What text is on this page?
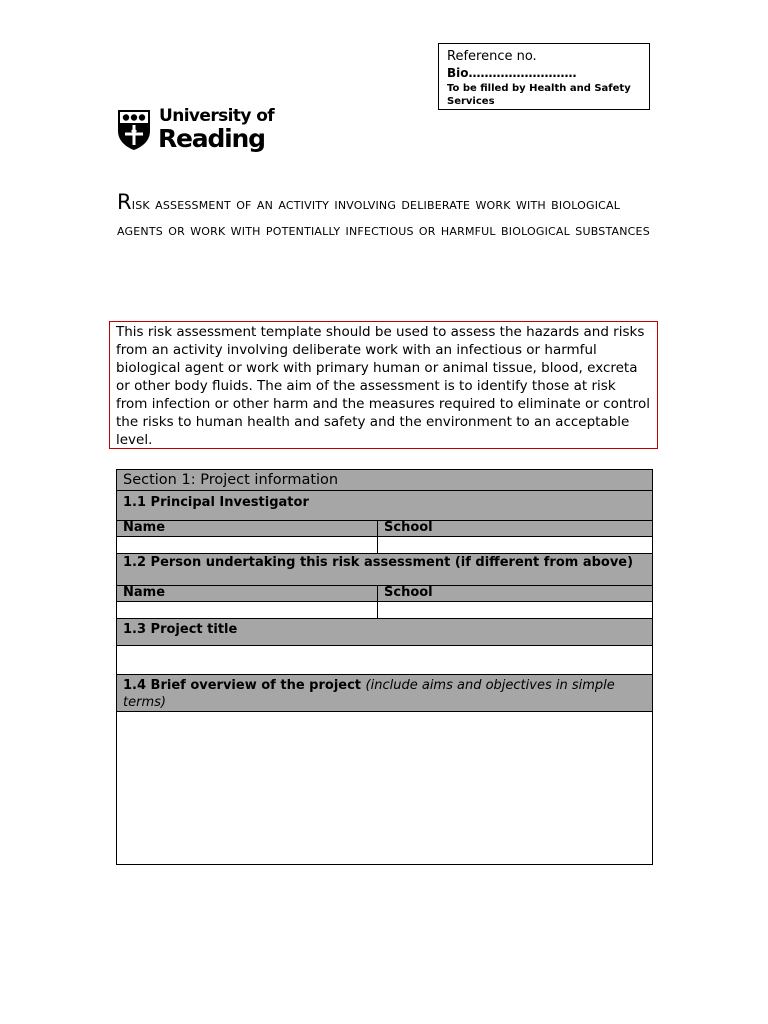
Reference no.
Bio………………………
To be filled by Health and Safety Services
University of
Reading
Risk assessment of an activity involving deliberate work with biological agents or work with potentially infectious or harmful biological substances
This risk assessment template should be used to assess the hazards and risks from an activity involving deliberate work with an infectious or harmful biological agent or work with primary human or animal tissue, blood, excreta or other body fluids. The aim of the assessment is to identify those at risk from infection or other harm and the measures required to eliminate or control the risks to human health and safety and the environment to an acceptable level.
Section 1: Project information	
1.1 Principal Investigator	
Name	School

1.2 Person undertaking this risk assessment (if different from above)	
Name	School

1.3 Project title	

1.4 Brief overview of the project (include aims and objectives in simple terms)	
